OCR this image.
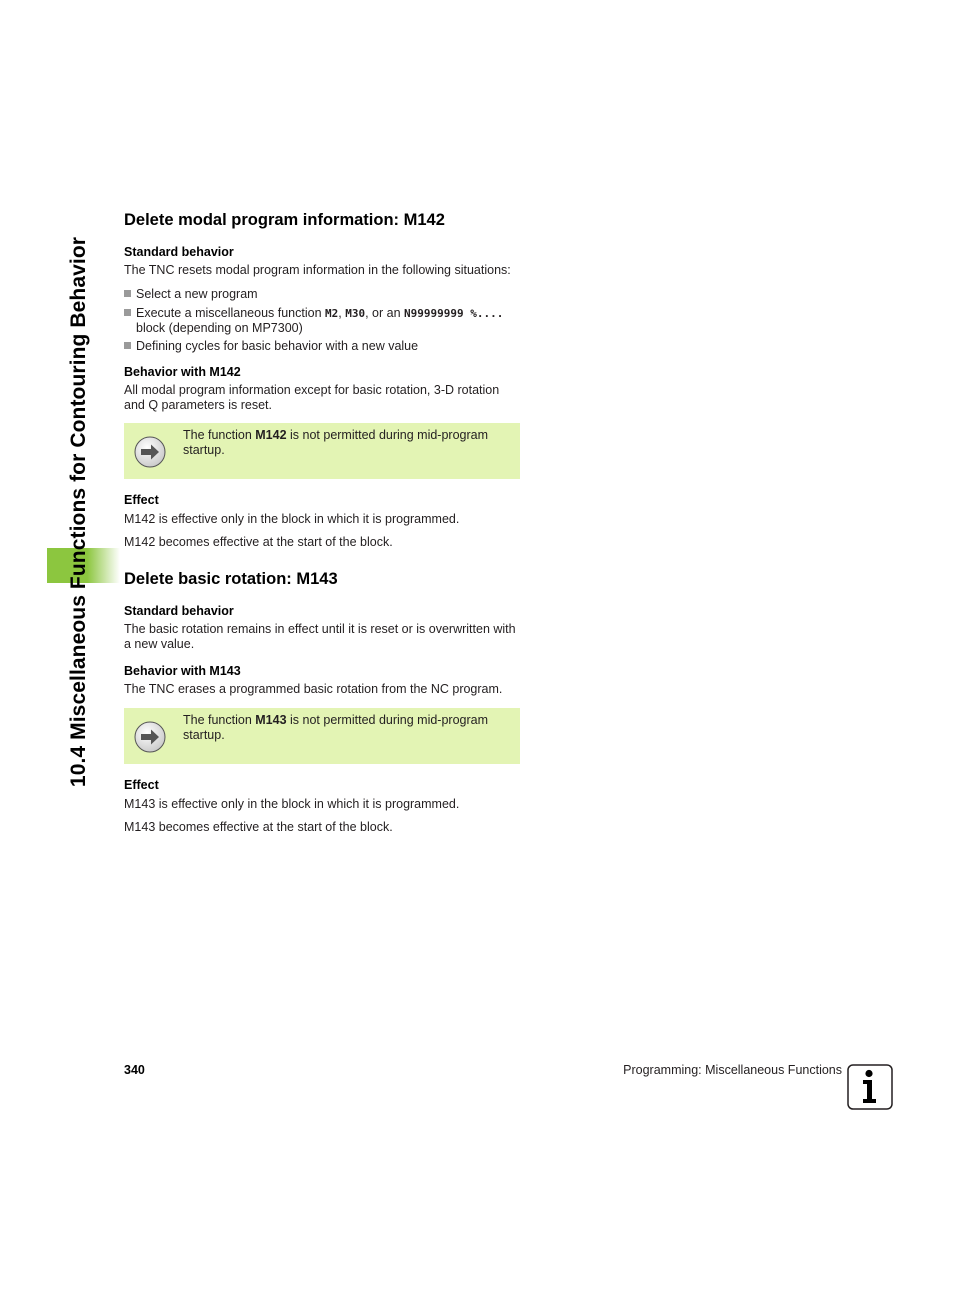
10.4 Miscellaneous Functions for Contouring Behavior
Delete modal program information: M142
Standard behavior
The TNC resets modal program information in the following situations:
Select a new program
Execute a miscellaneous function M2, M30, or an N99999999 %....
block (depending on MP7300)
Defining cycles for basic behavior with a new value
Behavior with M142
All modal program information except for basic rotation, 3-D rotation and Q parameters is reset.
The function M142 is not permitted during mid-program startup.
Effect
M142 is effective only in the block in which it is programmed.
M142 becomes effective at the start of the block.
Delete basic rotation: M143
Standard behavior
The basic rotation remains in effect until it is reset or is overwritten with a new value.
Behavior with M143
The TNC erases a programmed basic rotation from the NC program.
The function M143 is not permitted during mid-program startup.
Effect
M143 is effective only in the block in which it is programmed.
M143 becomes effective at the start of the block.
340	Programming: Miscellaneous Functions
